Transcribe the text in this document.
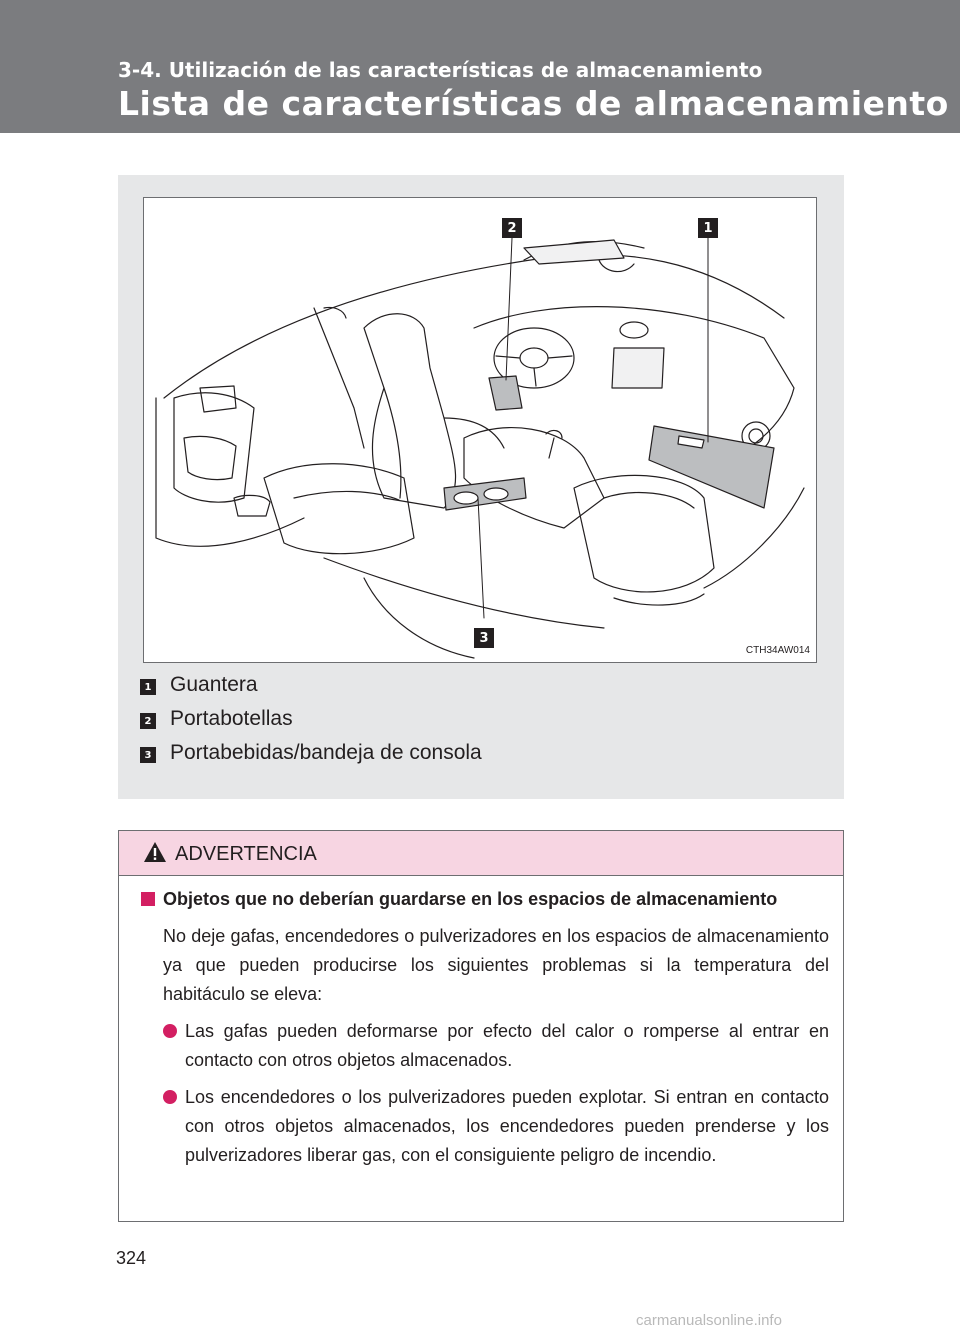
3-4. Utilización de las características de almacenamiento
Lista de características de almacenamiento
2	1
3
CTH34AW014
1 Guantera
2 Portabotellas
3 Portabebidas/bandeja de consola
ADVERTENCIA

Objetos que no deberían guardarse en los espacios de almacenamiento

No deje gafas, encendedores o pulverizadores en los espacios de almacenamiento ya que pueden producirse los siguientes problemas si la temperatura del habitáculo se eleva:

Las gafas pueden deformarse por efecto del calor o romperse al entrar en contacto con otros objetos almacenados.

Los encendedores o los pulverizadores pueden explotar. Si entran en contacto con otros objetos almacenados, los encendedores pueden prenderse y los pulverizadores liberar gas, con el consiguiente peligro de incendio.

324
carmanualsonline.info
